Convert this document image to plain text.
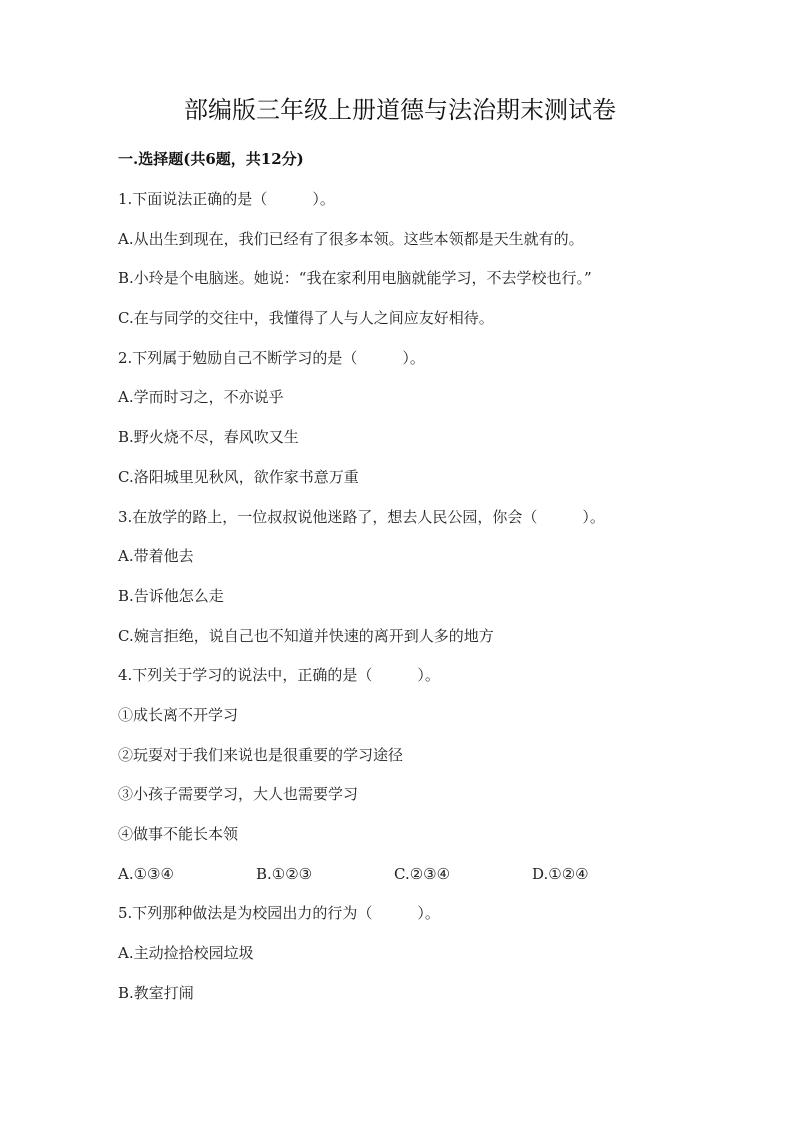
部编版三年级上册道德与法治期末测试卷
一.选择题(共6题，共12分)
1.下面说法正确的是（　　　）。
A.从出生到现在，我们已经有了很多本领。这些本领都是天生就有的。
B.小玲是个电脑迷。她说：“我在家利用电脑就能学习，不去学校也行。”
C.在与同学的交往中，我懂得了人与人之间应友好相待。
2.下列属于勉励自己不断学习的是（　　　）。
A.学而时习之，不亦说乎
B.野火烧不尽，春风吹又生
C.洛阳城里见秋风，欲作家书意万重
3.在放学的路上，一位叔叔说他迷路了，想去人民公园，你会（　　　）。
A.带着他去
B.告诉他怎么走
C.婉言拒绝，说自己也不知道并快速的离开到人多的地方
4.下列关于学习的说法中，正确的是（　　　）。
①成长离不开学习
②玩耍对于我们来说也是很重要的学习途径
③小孩子需要学习，大人也需要学习
④做事不能长本领
A.①③④	B.①②③	C.②③④	D.①②④
5.下列那种做法是为校园出力的行为（　　　）。
A.主动捡拾校园垃圾
B.教室打闹
